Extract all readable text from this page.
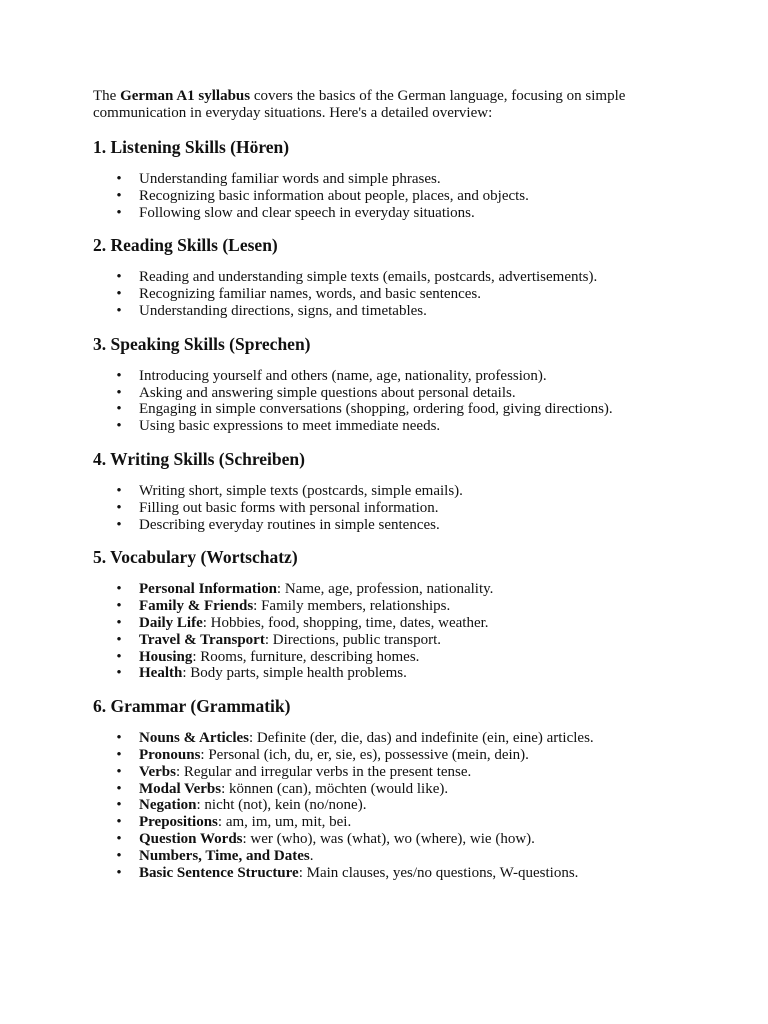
The German A1 syllabus covers the basics of the German language, focusing on simple
communication in everyday situations. Here's a detailed overview:

1. Listening Skills (Hören)
• Understanding familiar words and simple phrases.
• Recognizing basic information about people, places, and objects.
• Following slow and clear speech in everyday situations.
2. Reading Skills (Lesen)
• Reading and understanding simple texts (emails, postcards, advertisements).
• Recognizing familiar names, words, and basic sentences.
• Understanding directions, signs, and timetables.
3. Speaking Skills (Sprechen)
• Introducing yourself and others (name, age, nationality, profession).
• Asking and answering simple questions about personal details.
• Engaging in simple conversations (shopping, ordering food, giving directions).
• Using basic expressions to meet immediate needs.
4. Writing Skills (Schreiben)
• Writing short, simple texts (postcards, simple emails).
• Filling out basic forms with personal information.
• Describing everyday routines in simple sentences.
5. Vocabulary (Wortschatz)
• Personal Information: Name, age, profession, nationality.
• Family & Friends: Family members, relationships.
• Daily Life: Hobbies, food, shopping, time, dates, weather.
• Travel & Transport: Directions, public transport.
• Housing: Rooms, furniture, describing homes.
• Health: Body parts, simple health problems.
6. Grammar (Grammatik)
• Nouns & Articles: Definite (der, die, das) and indefinite (ein, eine) articles.
• Pronouns: Personal (ich, du, er, sie, es), possessive (mein, dein).
• Verbs: Regular and irregular verbs in the present tense.
• Modal Verbs: können (can), möchten (would like).
• Negation: nicht (not), kein (no/none).
• Prepositions: am, im, um, mit, bei.
• Question Words: wer (who), was (what), wo (where), wie (how).
• Numbers, Time, and Dates.
• Basic Sentence Structure: Main clauses, yes/no questions, W-questions.
